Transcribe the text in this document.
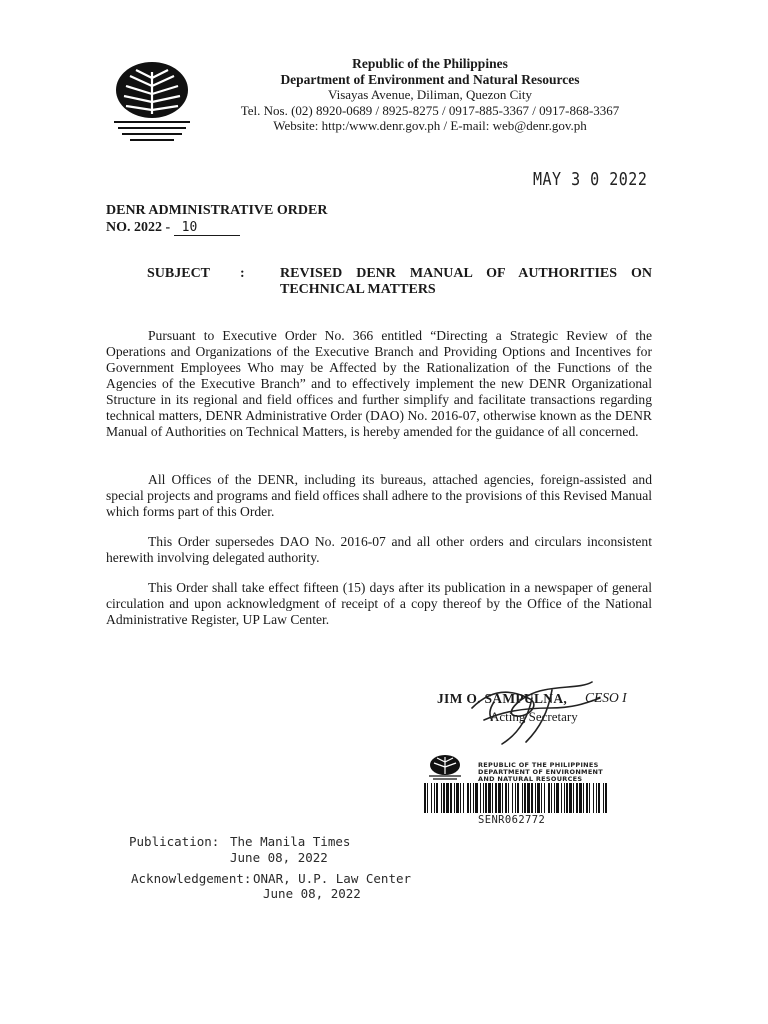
Republic of the Philippines
Department of Environment and Natural Resources
Visayas Avenue, Diliman, Quezon City
Tel. Nos. (02) 8920-0689 / 8925-8275 / 0917-885-3367 / 0917-868-3367
Website: http:/www.denr.gov.ph / E-mail: web@denr.gov.ph
MAY 3 0 2022
DENR ADMINISTRATIVE ORDER
NO. 2022 - 10
SUBJECT :	REVISED DENR MANUAL OF AUTHORITIES ON TECHNICAL MATTERS
Pursuant to Executive Order No. 366 entitled “Directing a Strategic Review of the Operations and Organizations of the Executive Branch and Providing Options and Incentives for Government Employees Who may be Affected by the Rationalization of the Functions of the Agencies of the Executive Branch” and to effectively implement the new DENR Organizational Structure in its regional and field offices and further simplify and facilitate transactions regarding technical matters, DENR Administrative Order (DAO) No. 2016-07, otherwise known as the DENR Manual of Authorities on Technical Matters, is hereby amended for the guidance of all concerned.
All Offices of the DENR, including its bureaus, attached agencies, foreign-assisted and special projects and programs and field offices shall adhere to the provisions of this Revised Manual which forms part of this Order.
This Order supersedes DAO No. 2016-07 and all other orders and circulars inconsistent herewith involving delegated authority.
This Order shall take effect fifteen (15) days after its publication in a newspaper of general circulation and upon acknowledgment of receipt of a copy thereof by the Office of the National Administrative Register, UP Law Center.
JIM O. SAMPULNA, CESO I
Acting Secretary
REPUBLIC OF THE PHILIPPINES
DEPARTMENT OF ENVIRONMENT
AND NATURAL RESOURCES
SENR062772
Publication: The Manila Times
June 08, 2022
Acknowledgement: ONAR, U.P. Law Center
June 08, 2022
